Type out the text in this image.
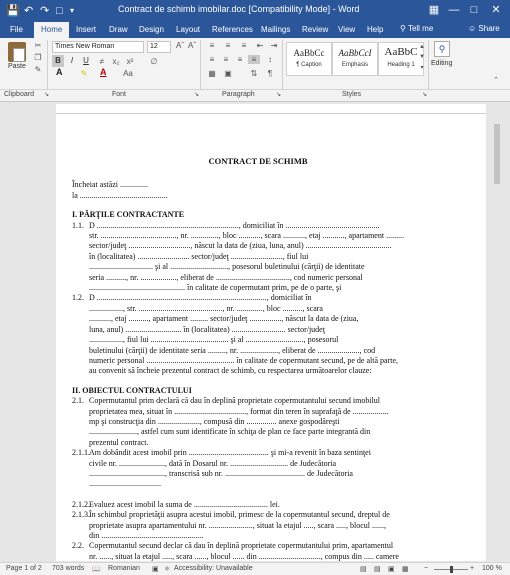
💾 ↶ ↷ □ ▾	Contract de schimb imobilar.doc [Compatibility Mode] - Word	▦ —	□	✕
File	Home	Insert Draw Design Layout References Mailings Review View Help ⚲ Tell me	☺ Share
Paste
✂
❐
✎
Times New Roman	12	Aˆ Aˇ
B	I	U	≠	x₂ x²	∅
A	✎ A Aa
≡	≡	≡	⇤ ⇥
≡	≡	≡	≡	↕
▦ ▣	⇅	¶
AaBbCc
¶ Caption
AaBbCcI
Emphasis
AaBbC
Heading 1
▲
▼
▾
⚲
Editing
⌃
Clipboard	Font	Paragraph	Styles
↘	↘	↘	↘
CONTRACT DE SCHIMB
Încheiat astăzi ..............
la ............................................
I. PĂRŢILE CONTRACTANTE
1.1. D ......................................................................., domiciliat în ...............................................
str. ......................................, nr. .............., bloc ..........., scara ..........., etaj ..........., apartament .........
sector/judeţ ..............................., născut la data de (ziua, luna, anul) ...........................................
în (localitatea) .......................... sector/judeţ .........................., fiul lui
................................ şi al ............................., posesorul buletinului (cărţii) de identitate
seria .........., nr. .................., eliberat de ....................................., cod numeric personal
................................................ în calitate de copermutant prim, pe de o parte, şi
1.2. D ....................................................................................., domiciliat în
................., str. .........................................., nr. ............., bloc .........., scara
..........., etaj .........., apartament ......... sector/judeţ ................, născut la data de (ziua,
luna, anul) ............................ în (localitatea) ........................... sector/judeţ
................., fiul lui ....................................... şi al ............................., posesorul
buletinului (cărţii) de identitate seria ........., nr. ..................., eliberat de ....................., cod
numeric personal ............................................ în calitate de copermutant secund, pe de altă parte,
au convenit să încheie prezentul contract de schimb, cu respectarea următoarelor clauze:
II. OBIECTUL CONTRACTULUI
2.1. Copermutantul prim declară că dau în deplină proprietate copermutantului secund imobilul
proprietatea mea, situat în ...................................., format din teren în suprafaţă de ..................
mp şi construcţia din ....................., compusă din ............... anexe gospodăreşti
........................, astfel cum sunt identificate în schiţa de plan ce face parte integrantă din
prezentul contract.
2.1.1.Am dobândit acest imobil prin ........................................ şi mi-a revenit în baza sentinţei
civile nr. ......................., dată în Dosarul nr. ............................. de Judecătoria
......................................, transcrisă sub nr. ........................................ de Judecătoria
....................................
2.1.2.Evaluez acest imobil la suma de ..................................... lei.
2.1.3.În schimbul proprietăţii asupra acestui imobil, primesc de la copermutantul secund, dreptul de
proprietate asupra apartamentului nr. ......................, situat la etajul ....., scara ....., blocul ......,
din ...................................................
2.2. Copermutantul secund declar că dau în deplină proprietate copermutantului prim, apartamentul
nr. ......, situat la etajul ....., scara ......, blocul ...... din ..............................., compus din ..... camere
Page 1 of 2 703 words 📖 Romanian ▣ ⚛ Accessibility: Unavailable	▤ ▤ ▣ ▦ −	+ 100 %
